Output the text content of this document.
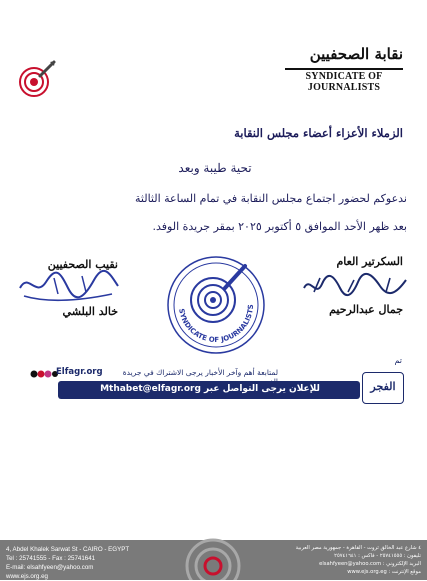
نقابة الصحفيين
SYNDICATE OF JOURNALISTS
الزملاء الأعزاء أعضاء مجلس النقابة
تحية طيبة وبعد
ندعوكم لحضور اجتماع مجلس النقابة في تمام الساعة الثالثة
بعد ظهر الأحد الموافق ٥ أكتوبر ٢٠٢٥ بمقر جريدة الوفد.
السكرتير العام
جمال عبدالرحيم
نقيب الصحفيين
خالد البلشي	SYNDICATE OF JOURNALISTS
Elfagr.org	لمتابعة أهم وآخر الأخبار يرجى الاشتراك في جريدة
للإعلان يرجى التواصل عبر Mthabet@elfagr.org
تم
الفجر
4, Abdel Khalek Sarwat St - CAIRO - EGYPT
Tel : 25741555 - Fax : 25741641
E-mail: elsahfyeen@yahoo.com
www.ejs.org.eg
٤ شارع عبد الخالق ثروت - القاهرة - جمهورية مصر العربية
تليفون : ٢٥٧٤١٥٥٥ - فاكس : ٢٥٧٤١٦٤١
البريد الإلكتروني : elsahfyeen@yahoo.com
موقع الإنترنت : www.ejs.org.eg
